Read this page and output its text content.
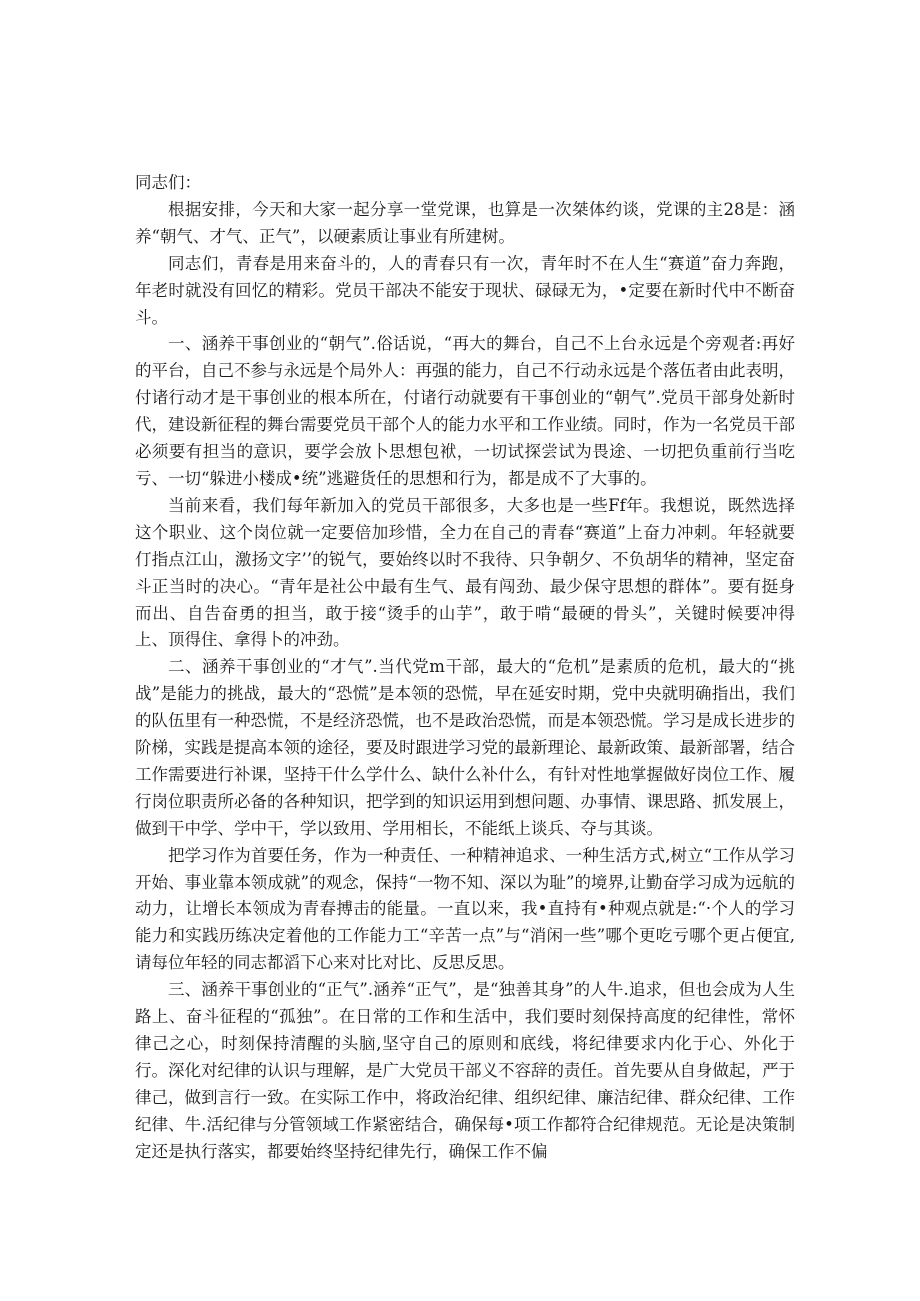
同志们：

根据安排，今天和大家一起分享一堂党课，也算是一次桀体约谈，党课的主28是：涵养“朝气、才气、正气”，以硬素质让事业有所建树。

同志们，青春是用来奋斗的，人的青春只有一次，青年时不在人生“赛道”奋力奔跑，年老时就没有回忆的精彩。党员干部决不能安于现状、碌碌无为，•定要在新时代中不断奋斗。

一、涵养干事创业的“朝气”.俗话说，“再大的舞台，自己不上台永远是个旁观者:再好的平台，自己不参与永远是个局外人：再强的能力，自己不行动永远是个落伍者由此表明，付诸行动才是干事创业的根本所在，付诸行动就要有干事创业的“朝气”.党员干部身处新时代，建设新征程的舞台需要党员干部个人的能力水平和工作业绩。同时，作为一名党员干部必须要有担当的意识，要学会放卜思想包袱，一切试探尝试为畏途、一切把负重前行当吃亏、一切“躲进小楼成•统”逃避货任的思想和行为，都是成不了大事的。

当前来看，我们每年新加入的党员干部很多，大多也是一些Ff年。我想说，既然选择这个职业、这个岗位就一定要倍加珍惜，全力在自己的青春“赛道”上奋力冲刺。年轻就要仃指点江山，激扬文字’’的锐气，要始终以时不我待、只争朝夕、不负胡华的精神，坚定奋斗正当时的决心。“青年是社公中最有生气、最有闯劲、最少保守思想的群体”。要有挺身而出、自告奋勇的担当，敢于接“烫手的山芋”，敢于啃“最硬的骨头”，关键时候要冲得上、顶得住、拿得卜的冲劲。

二、涵养干事创业的“才气”.当代党m干部，最大的“危机”是素质的危机，最大的“挑战”是能力的挑战，最大的“恐慌”是本领的恐慌，早在延安时期，党中央就明确指出，我们的队伍里有一种恐慌，不是经济恐慌，也不是政治恐慌，而是本领恐慌。学习是成长进步的阶梯，实践是提高本领的途径，要及时跟进学习党的最新理论、最新政策、最新部署，结合工作需要进行补课，坚持干什么学什么、缺什么补什么，有针对性地掌握做好岗位工作、履行岗位职责所必备的各种知识，把学到的知识运用到想问题、办事情、课思路、抓发展上，做到干中学、学中干，学以致用、学用相长，不能纸上谈兵、夺与其谈。

把学习作为首要任务，作为一种责任、一种精神追求、一种生活方式,树立“工作从学习开始、事业靠本领成就”的观念，保持“一物不知、深以为耻”的境界,让勤奋学习成为远航的动力，让增长本领成为青春搏击的能量。一直以来，我•直持有•种观点就是:“·个人的学习能力和实践历练决定着他的工作能力工“辛苦一点”与“消闲一些”哪个更吃亏哪个更占便宜,请每位年轻的同志都滔下心来对比对比、反思反思。

三、涵养干事创业的“正气”.涵养“正气”，是“独善其身”的人牛.追求，但也会成为人生路上、奋斗征程的“孤独”。在日常的工作和生活中，我们要时刻保持高度的纪律性，常怀律己之心，时刻保持清醒的头脑,坚守自己的原则和底线，将纪律要求内化于心、外化于行。深化对纪律的认识与理解，是广大党员干部义不容辞的责任。首先要从自身做起，严于律己，做到言行一致。在实际工作中，将政治纪律、组织纪律、廉洁纪律、群众纪律、工作纪律、牛.活纪律与分管领域工作紧密结合，确保每•项工作都符合纪律规范。无论是决策制定还是执行落实，都要始终坚持纪律先行，确保工作不偏
